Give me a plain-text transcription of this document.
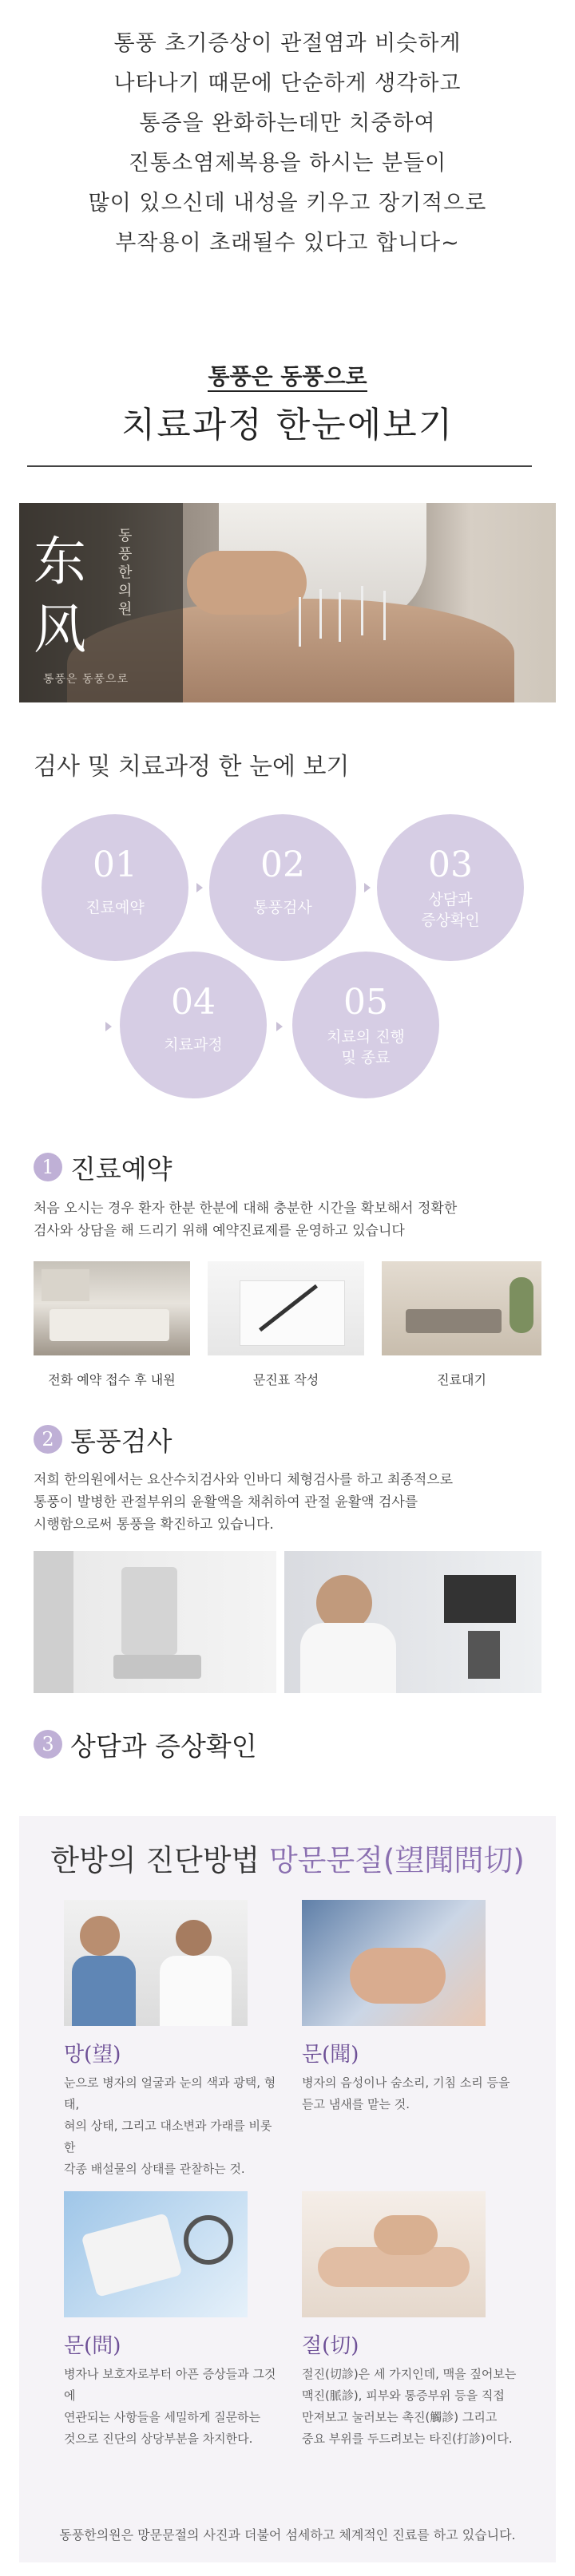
통풍 초기증상이 관절염과 비슷하게

나타나기 때문에 단순하게 생각하고

통증을 완화하는데만 치중하여

진통소염제복용을 하시는 분들이

많이 있으신데 내성을 키우고 장기적으로

부작용이 초래될수 있다고 합니다~

통풍은 동풍으로
치료과정 한눈에보기
东
风
동풍한의원
통풍은 동풍으로
검사 및 치료과정 한 눈에 보기
01
진료예약
02
통풍검사
03
상담과
증상확인
04
치료과정
05
치료의 진행
및 종료
1 진료예약
처음 오시는 경우 환자 한분 한분에 대해 충분한 시간을 확보해서 정확한
검사와 상담을 해 드리기 위해 예약진료제를 운영하고 있습니다
전화 예약 접수 후 내원	문진표 작성	진료대기
2 통풍검사
저희 한의원에서는 요산수치검사와 인바디 체형검사를 하고 최종적으로
통풍이 발병한 관절부위의 윤활액을 채취하여 관절 윤활액 검사를
시행함으로써 통풍을 확진하고 있습니다.
3 상담과 증상확인
한방의 진단방법 망문문절(望聞問切)
망(望)
눈으로 병자의 얼굴과 눈의 색과 광택, 형태,
혀의 상태, 그리고 대소변과 가래를 비롯한
각종 배설물의 상태를 관찰하는 것.
문(聞)
병자의 음성이나 숨소리, 기침 소리 등을
듣고 냄새를 맡는 것.
문(問)
병자나 보호자로부터 아픈 증상들과 그것에
연관되는 사항들을 세밀하게 질문하는
것으로 진단의 상당부분을 차지한다.
절(切)
절진(切診)은 세 가지인데, 맥을 짚어보는
맥진(脈診), 피부와 통증부위 등을 직접
만져보고 눌러보는 촉진(觸診) 그리고
중요 부위를 두드려보는 타진(打診)이다.
동풍한의원은 망문문절의 사진과 더불어 섬세하고 체계적인 진료를 하고 있습니다.
